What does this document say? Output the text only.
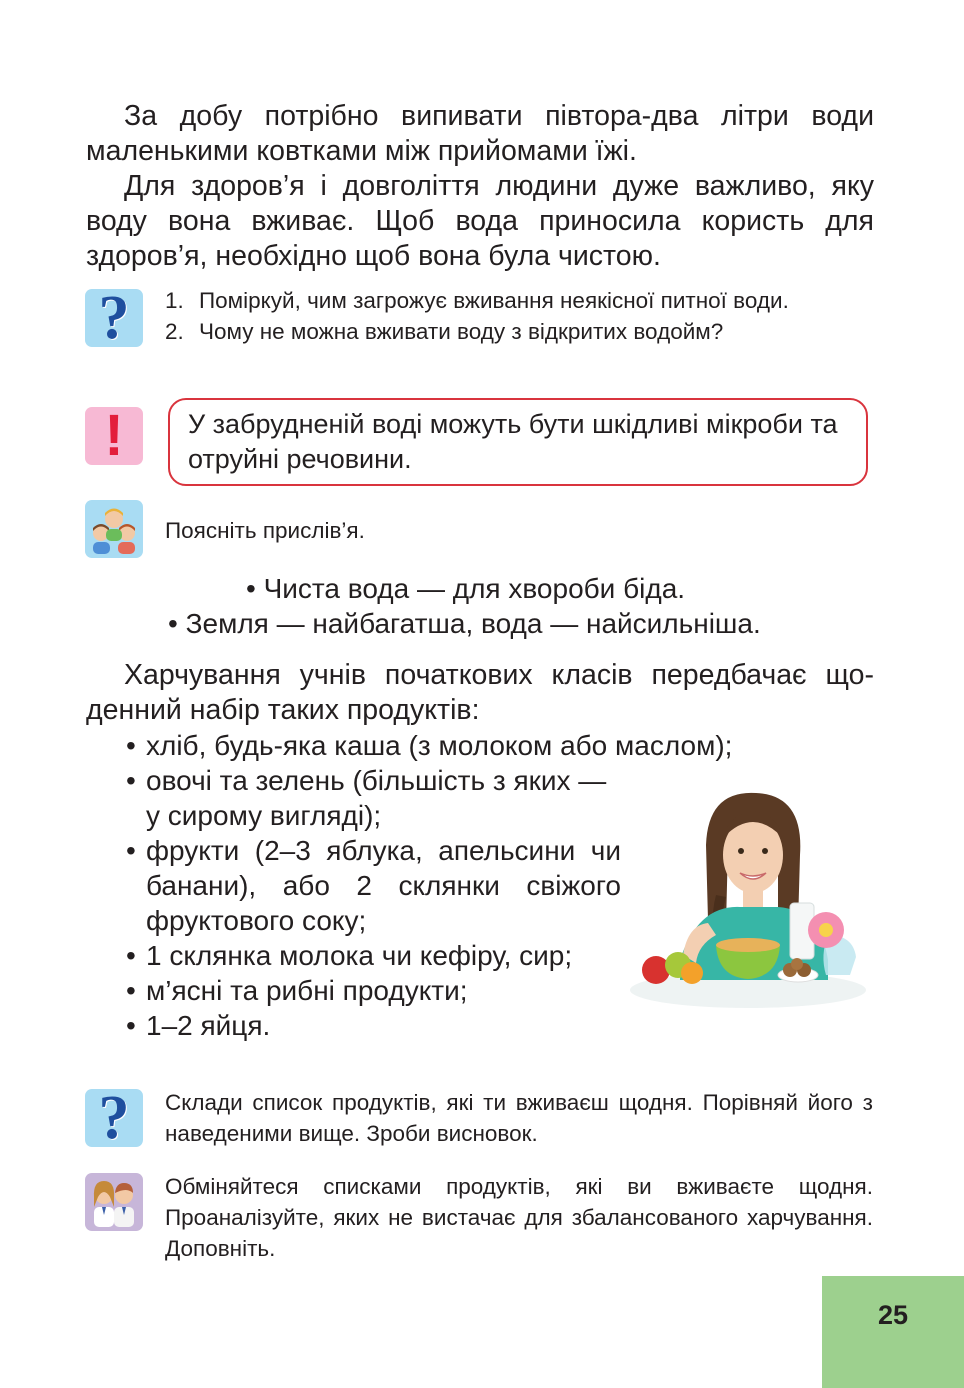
За добу потрібно випивати півтора-два літри води маленькими ковтками між прийомами їжі.

Для здоров’я і довголіття людини дуже важливо, яку воду вона вживає. Щоб вода приносила користь для здоров’я, необхідно щоб вона була чистою.

? 1. Поміркуй, чим загрожує вживання неякісної питної води.
2. Чому не можна вживати воду з відкритих водойм?
! У забрудненій воді можуть бути шкідливі мікроби та отруйні речовини.

Поясніть прислів’я.
• Чиста вода — для хвороби біда.
• Земля — найбагатша, вода — найсильніша.

Харчування учнів початкових класів передбачає щоденний набір таких продуктів:

• хліб, будь-яка каша (з молоком або маслом);
• овочі та зелень (більшість з яких — у сирому вигляді);
• фрукти (2–3 яблука, апельсини чи банани), або 2 склянки свіжого фруктового соку;
• 1 склянка молока чи кефіру, сир;
• м’ясні та рибні продукти;
• 1–2 яйця.
? Склади список продуктів, які ти вживаєш щодня. Порівняй його з наведеними вище. Зроби висновок.
Обміняйтеся списками продуктів, які ви вживаєте щодня. Проаналізуйте, яких не вистачає для збалансованого харчування. Доповніть.
25
